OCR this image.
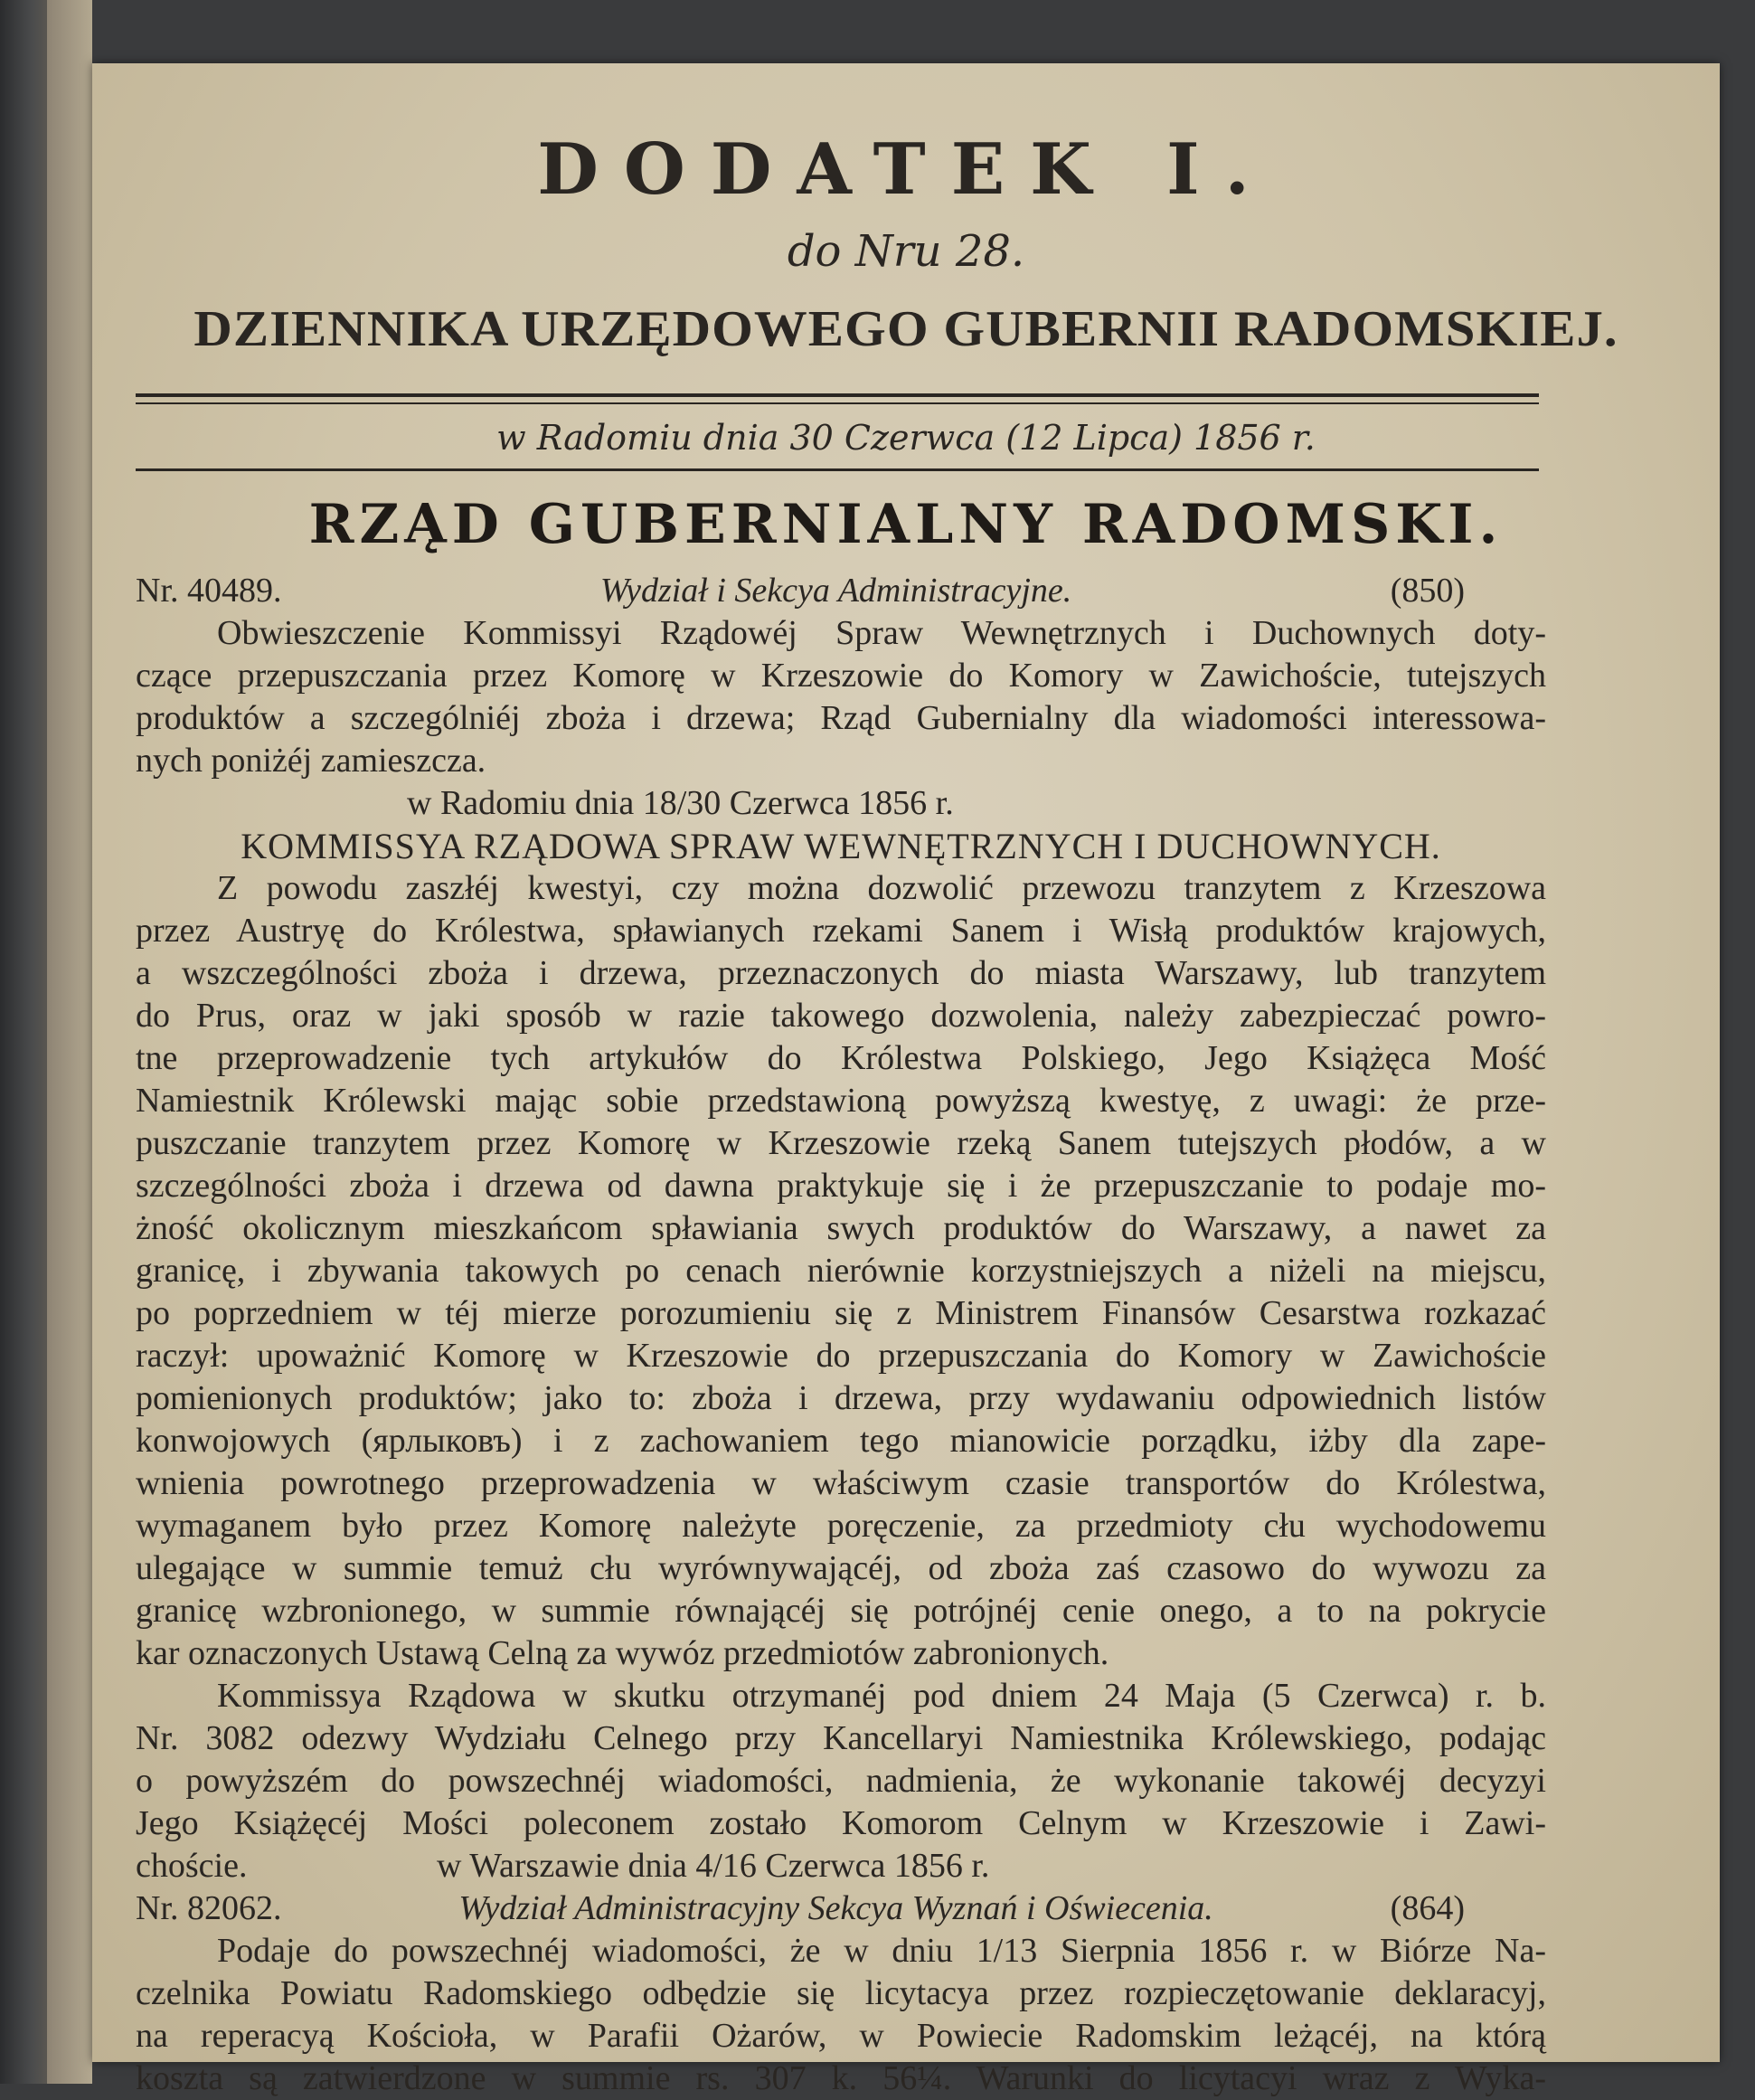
DODATEK I.
do Nru 28.
DZIENNIKA URZĘDOWEGO GUBERNII RADOMSKIEJ.
w Radomiu dnia 30 Czerwca (12 Lipca) 1856 r.
RZĄD GUBERNIALNY RADOMSKI.
Nr. 40489.	Wydział i Sekcya Administracyjne.	(850)
Obwieszczenie Kommissyi Rządowéj Spraw Wewnętrznych i Duchownych doty-
czące przepuszczania przez Komorę w Krzeszowie do Komory w Zawichoście, tutejszych
produktów a szczególniéj zboża i drzewa; Rząd Gubernialny dla wiadomości interessowa-
nych poniżéj zamieszcza.
w Radomiu dnia 18/30 Czerwca 1856 r.
KOMMISSYA RZĄDOWA SPRAW WEWNĘTRZNYCH I DUCHOWNYCH.
Z powodu zaszłéj kwestyi, czy można dozwolić przewozu tranzytem z Krzeszowa
przez Austryę do Królestwa, spławianych rzekami Sanem i Wisłą produktów krajowych,
a wszczególności zboża i drzewa, przeznaczonych do miasta Warszawy, lub tranzytem
do Prus, oraz w jaki sposób w razie takowego dozwolenia, należy zabezpieczać powro-
tne przeprowadzenie tych artykułów do Królestwa Polskiego, Jego Książęca Mość
Namiestnik Królewski mając sobie przedstawioną powyższą kwestyę, z uwagi: że prze-
puszczanie tranzytem przez Komorę w Krzeszowie rzeką Sanem tutejszych płodów, a w
szczególności zboża i drzewa od dawna praktykuje się i że przepuszczanie to podaje mo-
żność okolicznym mieszkańcom spławiania swych produktów do Warszawy, a nawet za
granicę, i zbywania takowych po cenach nierównie korzystniejszych a niżeli na miejscu,
po poprzedniem w téj mierze porozumieniu się z Ministrem Finansów Cesarstwa rozkazać
raczył: upoważnić Komorę w Krzeszowie do przepuszczania do Komory w Zawichoście
pomienionych produktów; jako to: zboża i drzewa, przy wydawaniu odpowiednich listów
konwojowych (ярлыковъ) i z zachowaniem tego mianowicie porządku, iżby dla zape-
wnienia powrotnego przeprowadzenia w właściwym czasie transportów do Królestwa,
wymaganem było przez Komorę należyte poręczenie, za przedmioty cłu wychodowemu
ulegające w summie temuż cłu wyrównywającéj, od zboża zaś czasowo do wywozu za
granicę wzbronionego, w summie równającéj się potrójnéj cenie onego, a to na pokrycie
kar oznaczonych Ustawą Celną za wywóz przedmiotów zabronionych.
Kommissya Rządowa w skutku otrzymanéj pod dniem 24 Maja (5 Czerwca) r. b.
Nr. 3082 odezwy Wydziału Celnego przy Kancellaryi Namiestnika Królewskiego, podając
o powyższém do powszechnéj wiadomości, nadmienia, że wykonanie takowéj decyzyi
Jego Książęcéj Mości poleconem zostało Komorom Celnym w Krzeszowie i Zawi-
choście.	w Warszawie dnia 4/16 Czerwca 1856 r.
Nr. 82062.	Wydział Administracyjny Sekcya Wyznań i Oświecenia.	(864)
Podaje do powszechnéj wiadomości, że w dniu 1/13 Sierpnia 1856 r. w Biórze Na-
czelnika Powiatu Radomskiego odbędzie się licytacya przez rozpieczętowanie deklaracyj,
na reperacyą Kościoła, w Parafii Ożarów, w Powiecie Radomskim leżącéj, na którą
koszta są zatwierdzone w summie rs. 307 k. 56¼. Warunki do licytacyi wraz z Wyka-
